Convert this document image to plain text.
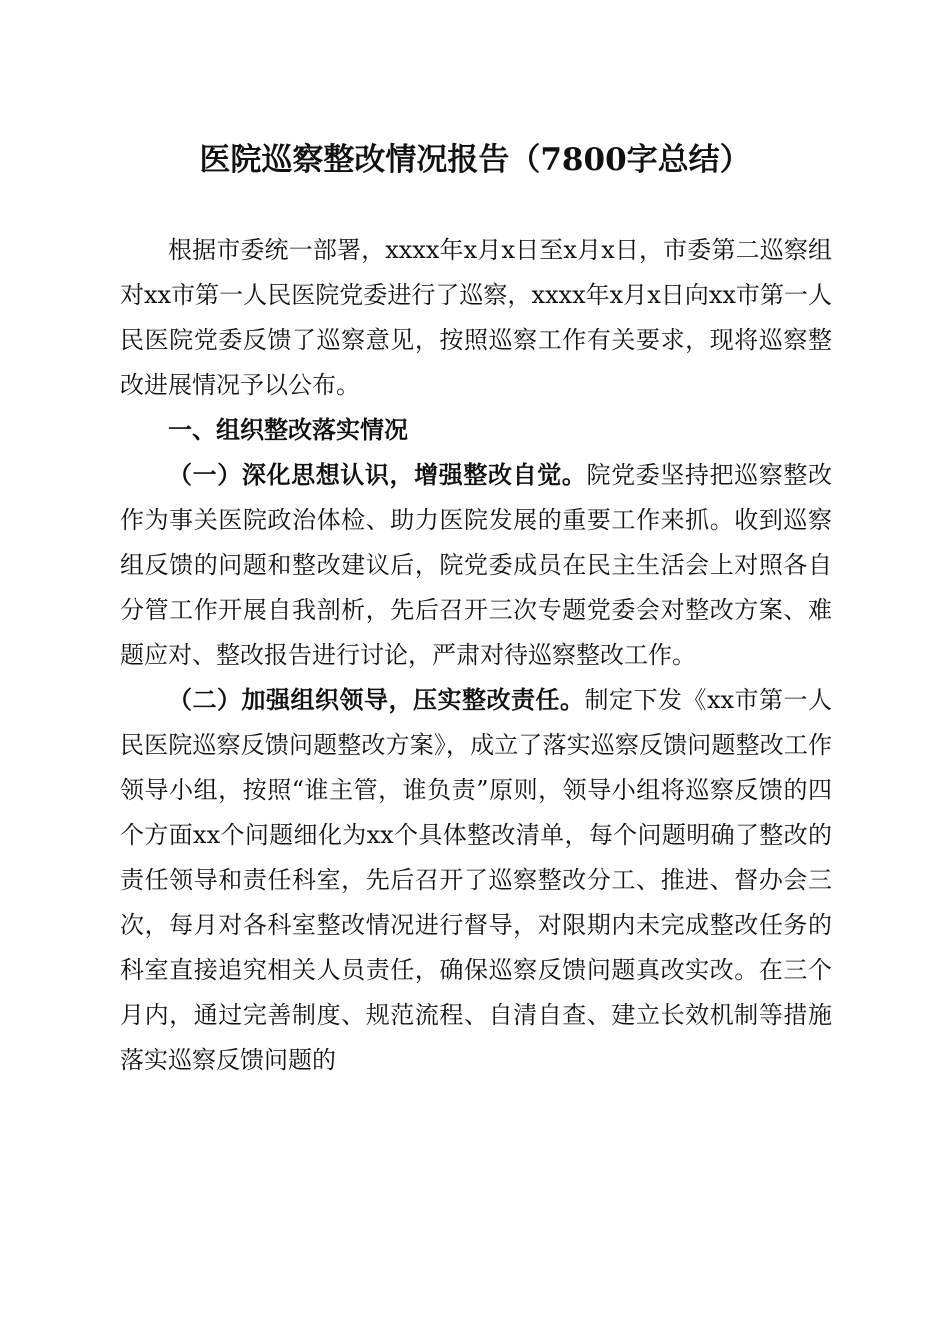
医院巡察整改情况报告（7800字总结）

根据市委统一部署，xxxx年x月x日至x月x日，市委第二巡察组对xx市第一人民医院党委进行了巡察，xxxx年x月x日向xx市第一人民医院党委反馈了巡察意见，按照巡察工作有关要求，现将巡察整改进展情况予以公布。

一、组织整改落实情况

（一）深化思想认识，增强整改自觉。院党委坚持把巡察整改作为事关医院政治体检、助力医院发展的重要工作来抓。收到巡察组反馈的问题和整改建议后，院党委成员在民主生活会上对照各自分管工作开展自我剖析，先后召开三次专题党委会对整改方案、难题应对、整改报告进行讨论，严肃对待巡察整改工作。

（二）加强组织领导，压实整改责任。制定下发《xx市第一人民医院巡察反馈问题整改方案》，成立了落实巡察反馈问题整改工作领导小组，按照“谁主管，谁负责”原则，领导小组将巡察反馈的四个方面xx个问题细化为xx个具体整改清单，每个问题明确了整改的责任领导和责任科室，先后召开了巡察整改分工、推进、督办会三次，每月对各科室整改情况进行督导，对限期内未完成整改任务的科室直接追究相关人员责任，确保巡察反馈问题真改实改。在三个月内，通过完善制度、规范流程、自清自查、建立长效机制等措施落实巡察反馈问题的
